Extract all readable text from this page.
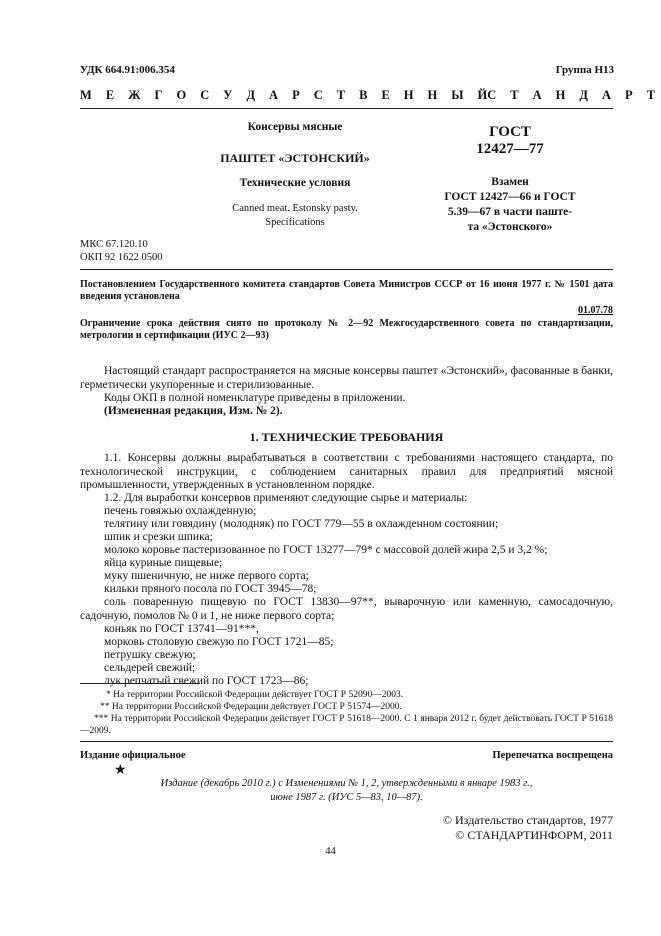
УДК 664.91:006.354	Группа Н13
М Е Ж Г О С У Д А Р С Т В Е Н Н Ы Й С Т А Н Д А Р Т
Консервы мясные
ПАШТЕТ «ЭСТОНСКИЙ»
Технические условия
Canned meat. Estonsky pasty.
Specifications
ГОСТ
12427—77
Взамен
ГОСТ 12427—66 и ГОСТ
5.39—67 в части паште-
та «Эстонского»
МКС 67.120.10
ОКП 92 1622 0500
Постановлением Государственного комитета стандартов Совета Министров СССР от 16 июня 1977 г. № 1501 дата введения установлена
01.07.78
Ограничение срока действия снято по протоколу № 2—92 Межгосударственного совета по стандартизации, метрологии и сертификации (ИУС 2—93)
Настоящий стандарт распространяется на мясные консервы паштет «Эстонский», фасованные в банки, герметически укупоренные и стерилизованные.
Коды ОКП в полной номенклатуре приведены в приложении.
(Измененная редакция, Изм. № 2).
1. ТЕХНИЧЕСКИЕ ТРЕБОВАНИЯ
1.1. Консервы должны вырабатываться в соответствии с требованиями настоящего стандарта, по технологической инструкции, с соблюдением санитарных правил для предприятий мясной промышленности, утвержденных в установленном порядке.
1.2. Для выработки консервов применяют следующие сырье и материалы:
печень говяжью охлажденную;
телятину или говядину (молодняк) по ГОСТ 779—55 в охлажденном состоянии;
шпик и срезки шпика;
молоко коровье пастеризованное по ГОСТ 13277—79* с массовой долей жира 2,5 и 3,2 %;
яйца куриные пищевые;
муку пшеничную, не ниже первого сорта;
кильки пряного посола по ГОСТ 3945—78;
соль поваренную пищевую по ГОСТ 13830—97**, выварочную или каменную, самосадочную, садочную, помолов № 0 и 1, не ниже первого сорта;
коньяк по ГОСТ 13741—91***,
морковь столовую свежую по ГОСТ 1721—85;
петрушку свежую;
сельдерей свежий;
лук репчатый свежий по ГОСТ 1723—86;
* На территории Российской Федерации действует ГОСТ Р 52090—2003.
** На территории Российской Федерации действует ГОСТ Р 51574—2000.
*** На территории Российской Федерации действует ГОСТ Р 51618—2000. С 1 января 2012 г. будет действовать ГОСТ Р 51618—2009.
Издание официальное	Перепечатка воспрещена
★
Издание (декабрь 2010 г.) с Изменениями № 1, 2, утвержденными в январе 1983 г.,
июне 1987 г. (ИУС 5—83, 10—87).
© Издательство стандартов, 1977
© СТАНДАРТИНФОРМ, 2011
44
